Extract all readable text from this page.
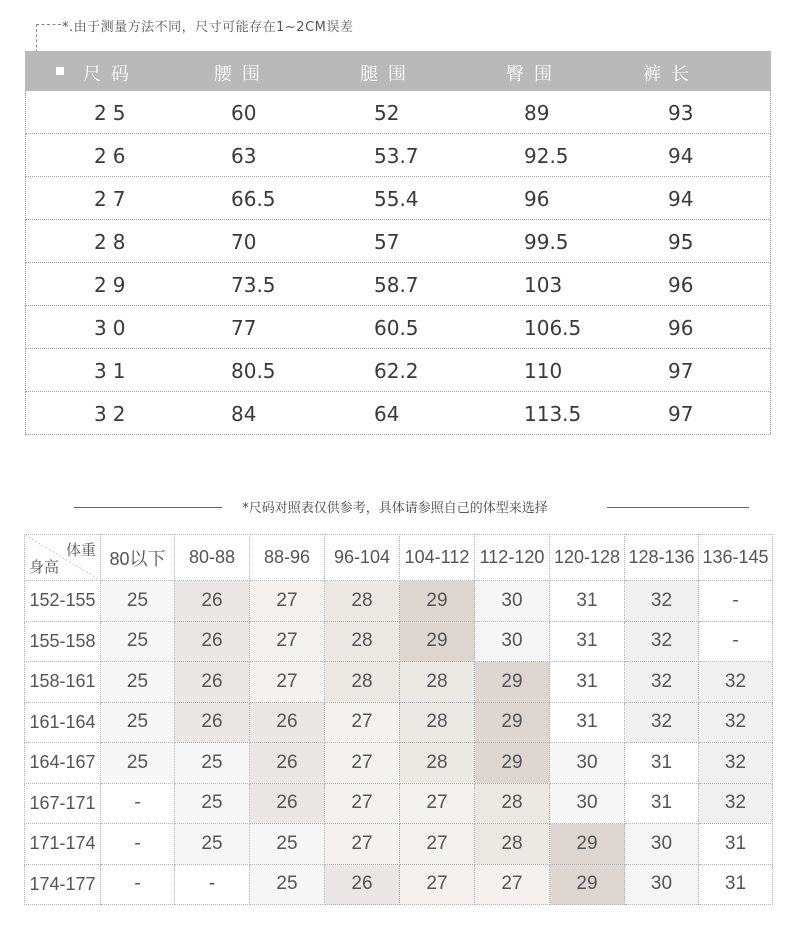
*.由于测量方法不同，尺寸可能存在1~2CM误差
尺码	腰围	腿围	臀围	裤长
25	60	52	89	93
26	63	53.7	92.5	94
27	66.5	55.4	96	94
28	70	57	99.5	95
29	73.5	58.7	103	96
30	77	60.5	106.5	96
31	80.5	62.2	110	97
32	84	64	113.5	97
*尺码对照表仅供参考，具体请参照自己的体型来选择
体重
身高	80以下	80-88	88-96	96-104	104-112	112-120	120-128	128-136	136-145
152-155	25	26	27	28	29	30	31	32	-
155-158	25	26	27	28	29	30	31	32	-
158-161	25	26	27	28	28	29	31	32	32
161-164	25	26	26	27	28	29	31	32	32
164-167	25	25	26	27	28	29	30	31	32
167-171	-	25	26	27	27	28	30	31	32
171-174	-	25	25	27	27	28	29	30	31
174-177	-	-	25	26	27	27	29	30	31
